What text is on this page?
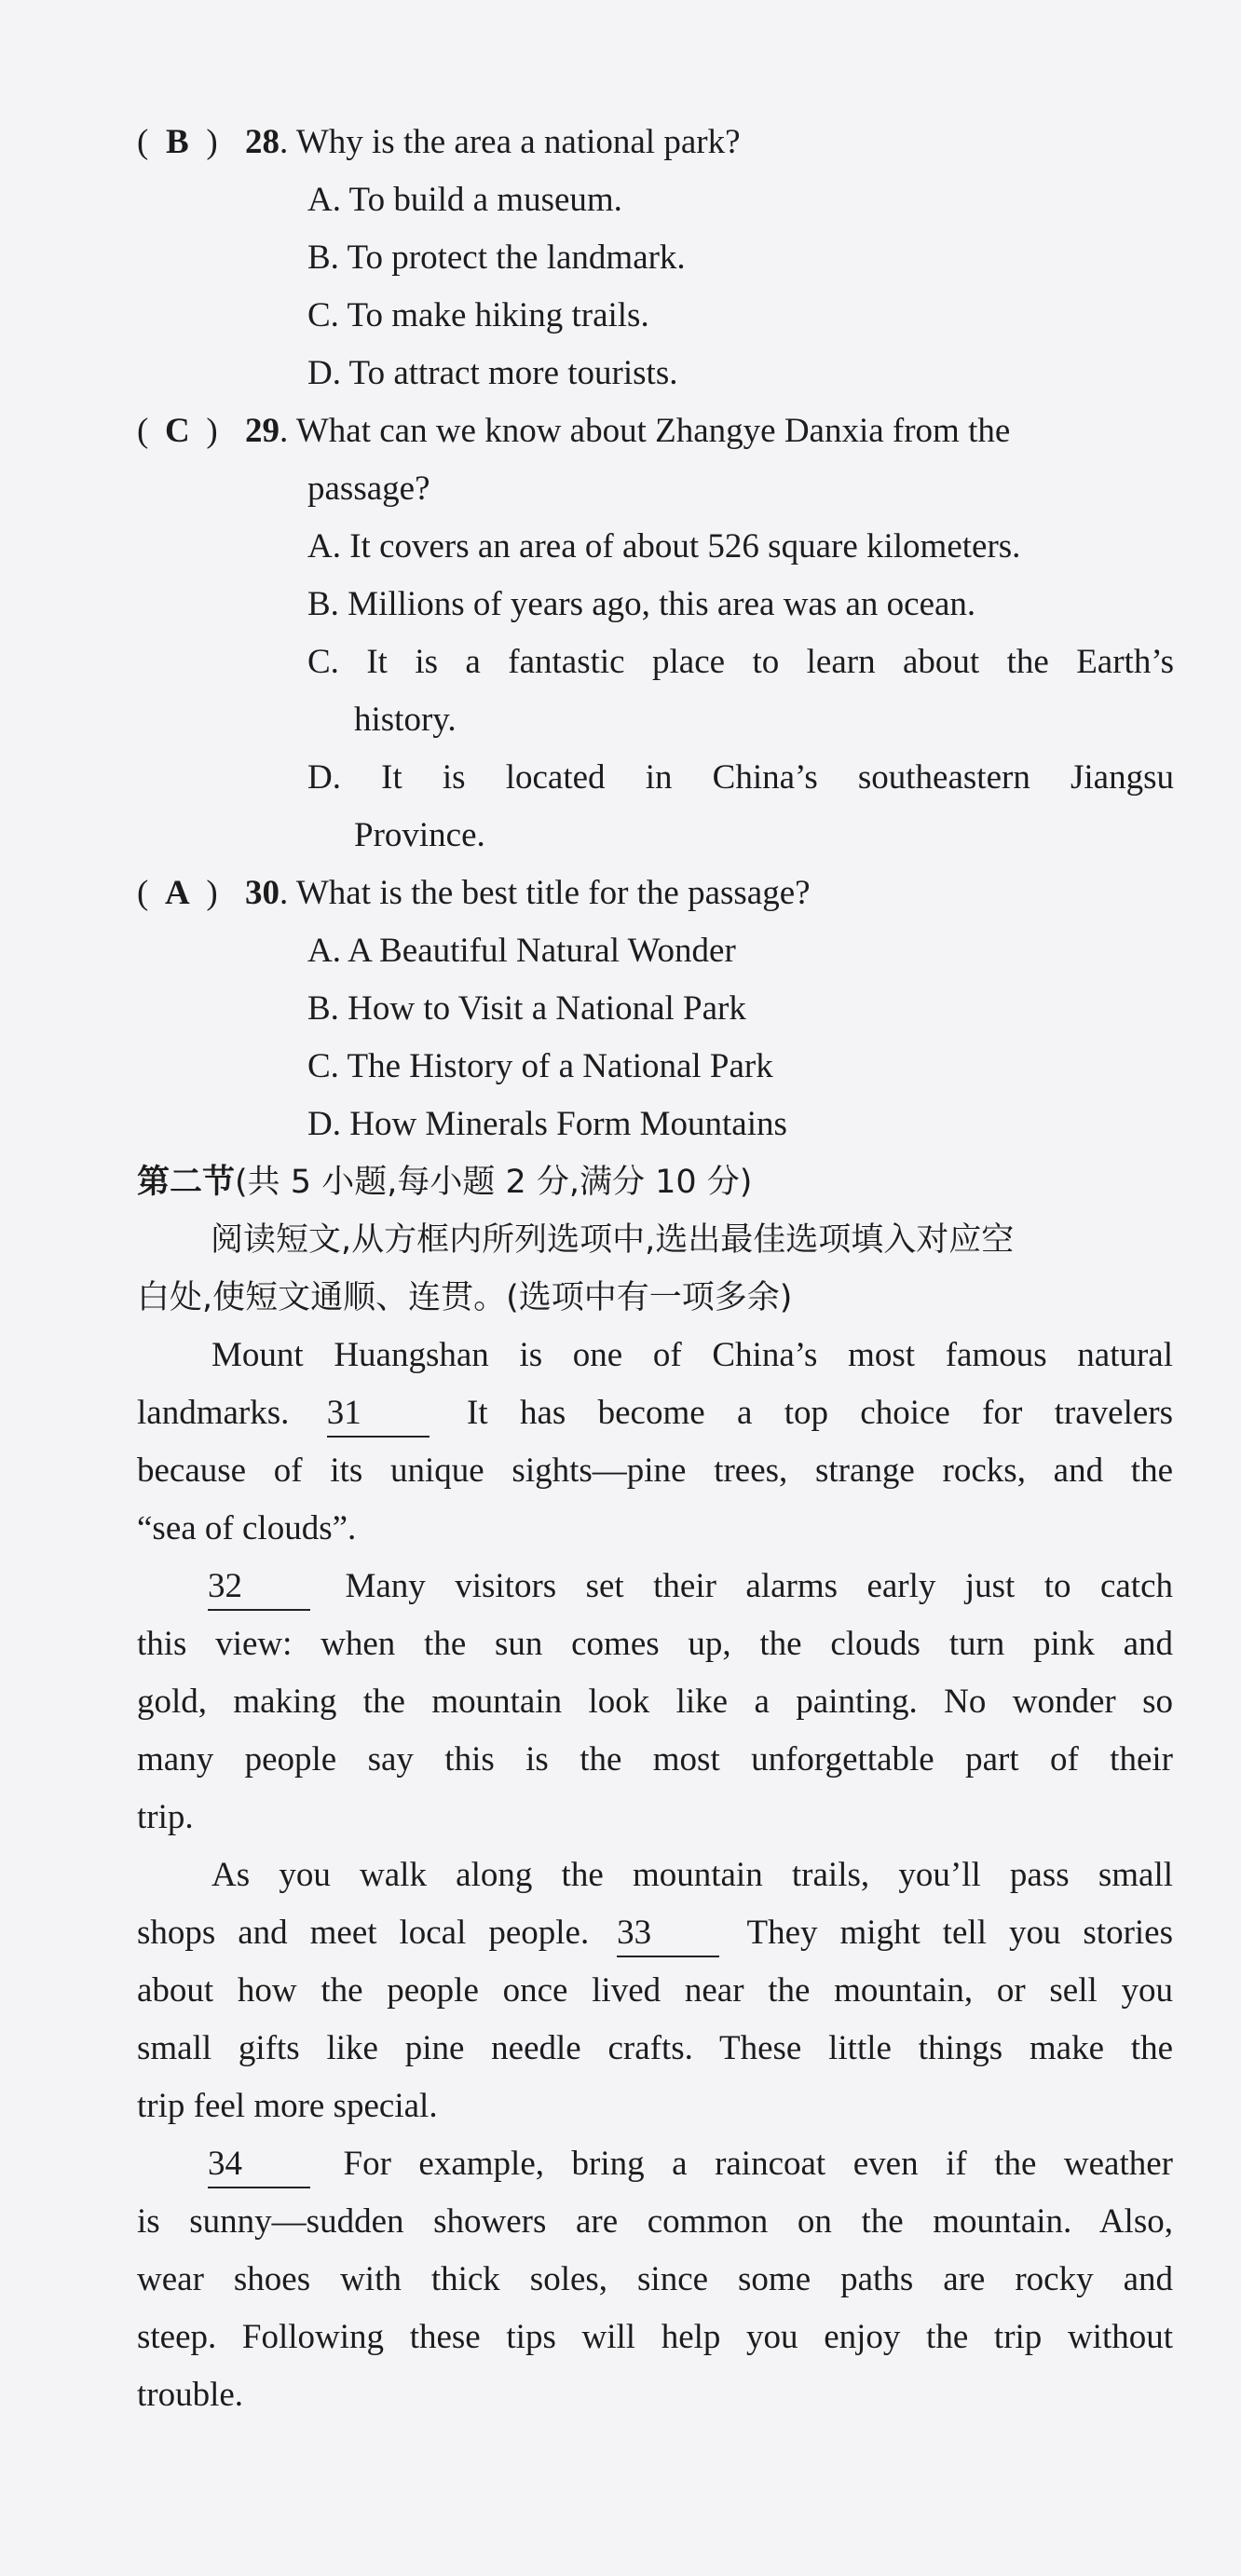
( B ) 28. Why is the area a national park?
A. To build a museum.
B. To protect the landmark.
C. To make hiking trails.
D. To attract more tourists.
( C ) 29. What can we know about Zhangye Danxia from the
passage?
A. It covers an area of about 526 square kilometers.
B. Millions of years ago, this area was an ocean.
C. It is a fantastic place to learn about the Earth’s
history.
D. It is located in China’s southeastern Jiangsu
Province.
( A ) 30. What is the best title for the passage?
A. A Beautiful Natural Wonder
B. How to Visit a National Park
C. The History of a National Park
D. How Minerals Form Mountains
第二节(共 5 小题,每小题 2 分,满分 10 分)
阅读短文,从方框内所列选项中,选出最佳选项填入对应空
白处,使短文通顺、连贯。(选项中有一项多余)
Mount Huangshan is one of China’s most famous natural
landmarks. 31	It has become a top choice for travelers
because of its unique sights—pine trees, strange rocks, and the
“sea of clouds”.
32	Many visitors set their alarms early just to catch
this view: when the sun comes up, the clouds turn pink and
gold, making the mountain look like a painting. No wonder so
many people say this is the most unforgettable part of their
trip.
As you walk along the mountain trails, you’ll pass small
shops and meet local people. 33	They might tell you stories
about how the people once lived near the mountain, or sell you
small gifts like pine needle crafts. These little things make the
trip feel more special.
34	For example, bring a raincoat even if the weather
is sunny—sudden showers are common on the mountain. Also,
wear shoes with thick soles, since some paths are rocky and
steep. Following these tips will help you enjoy the trip without
trouble.
